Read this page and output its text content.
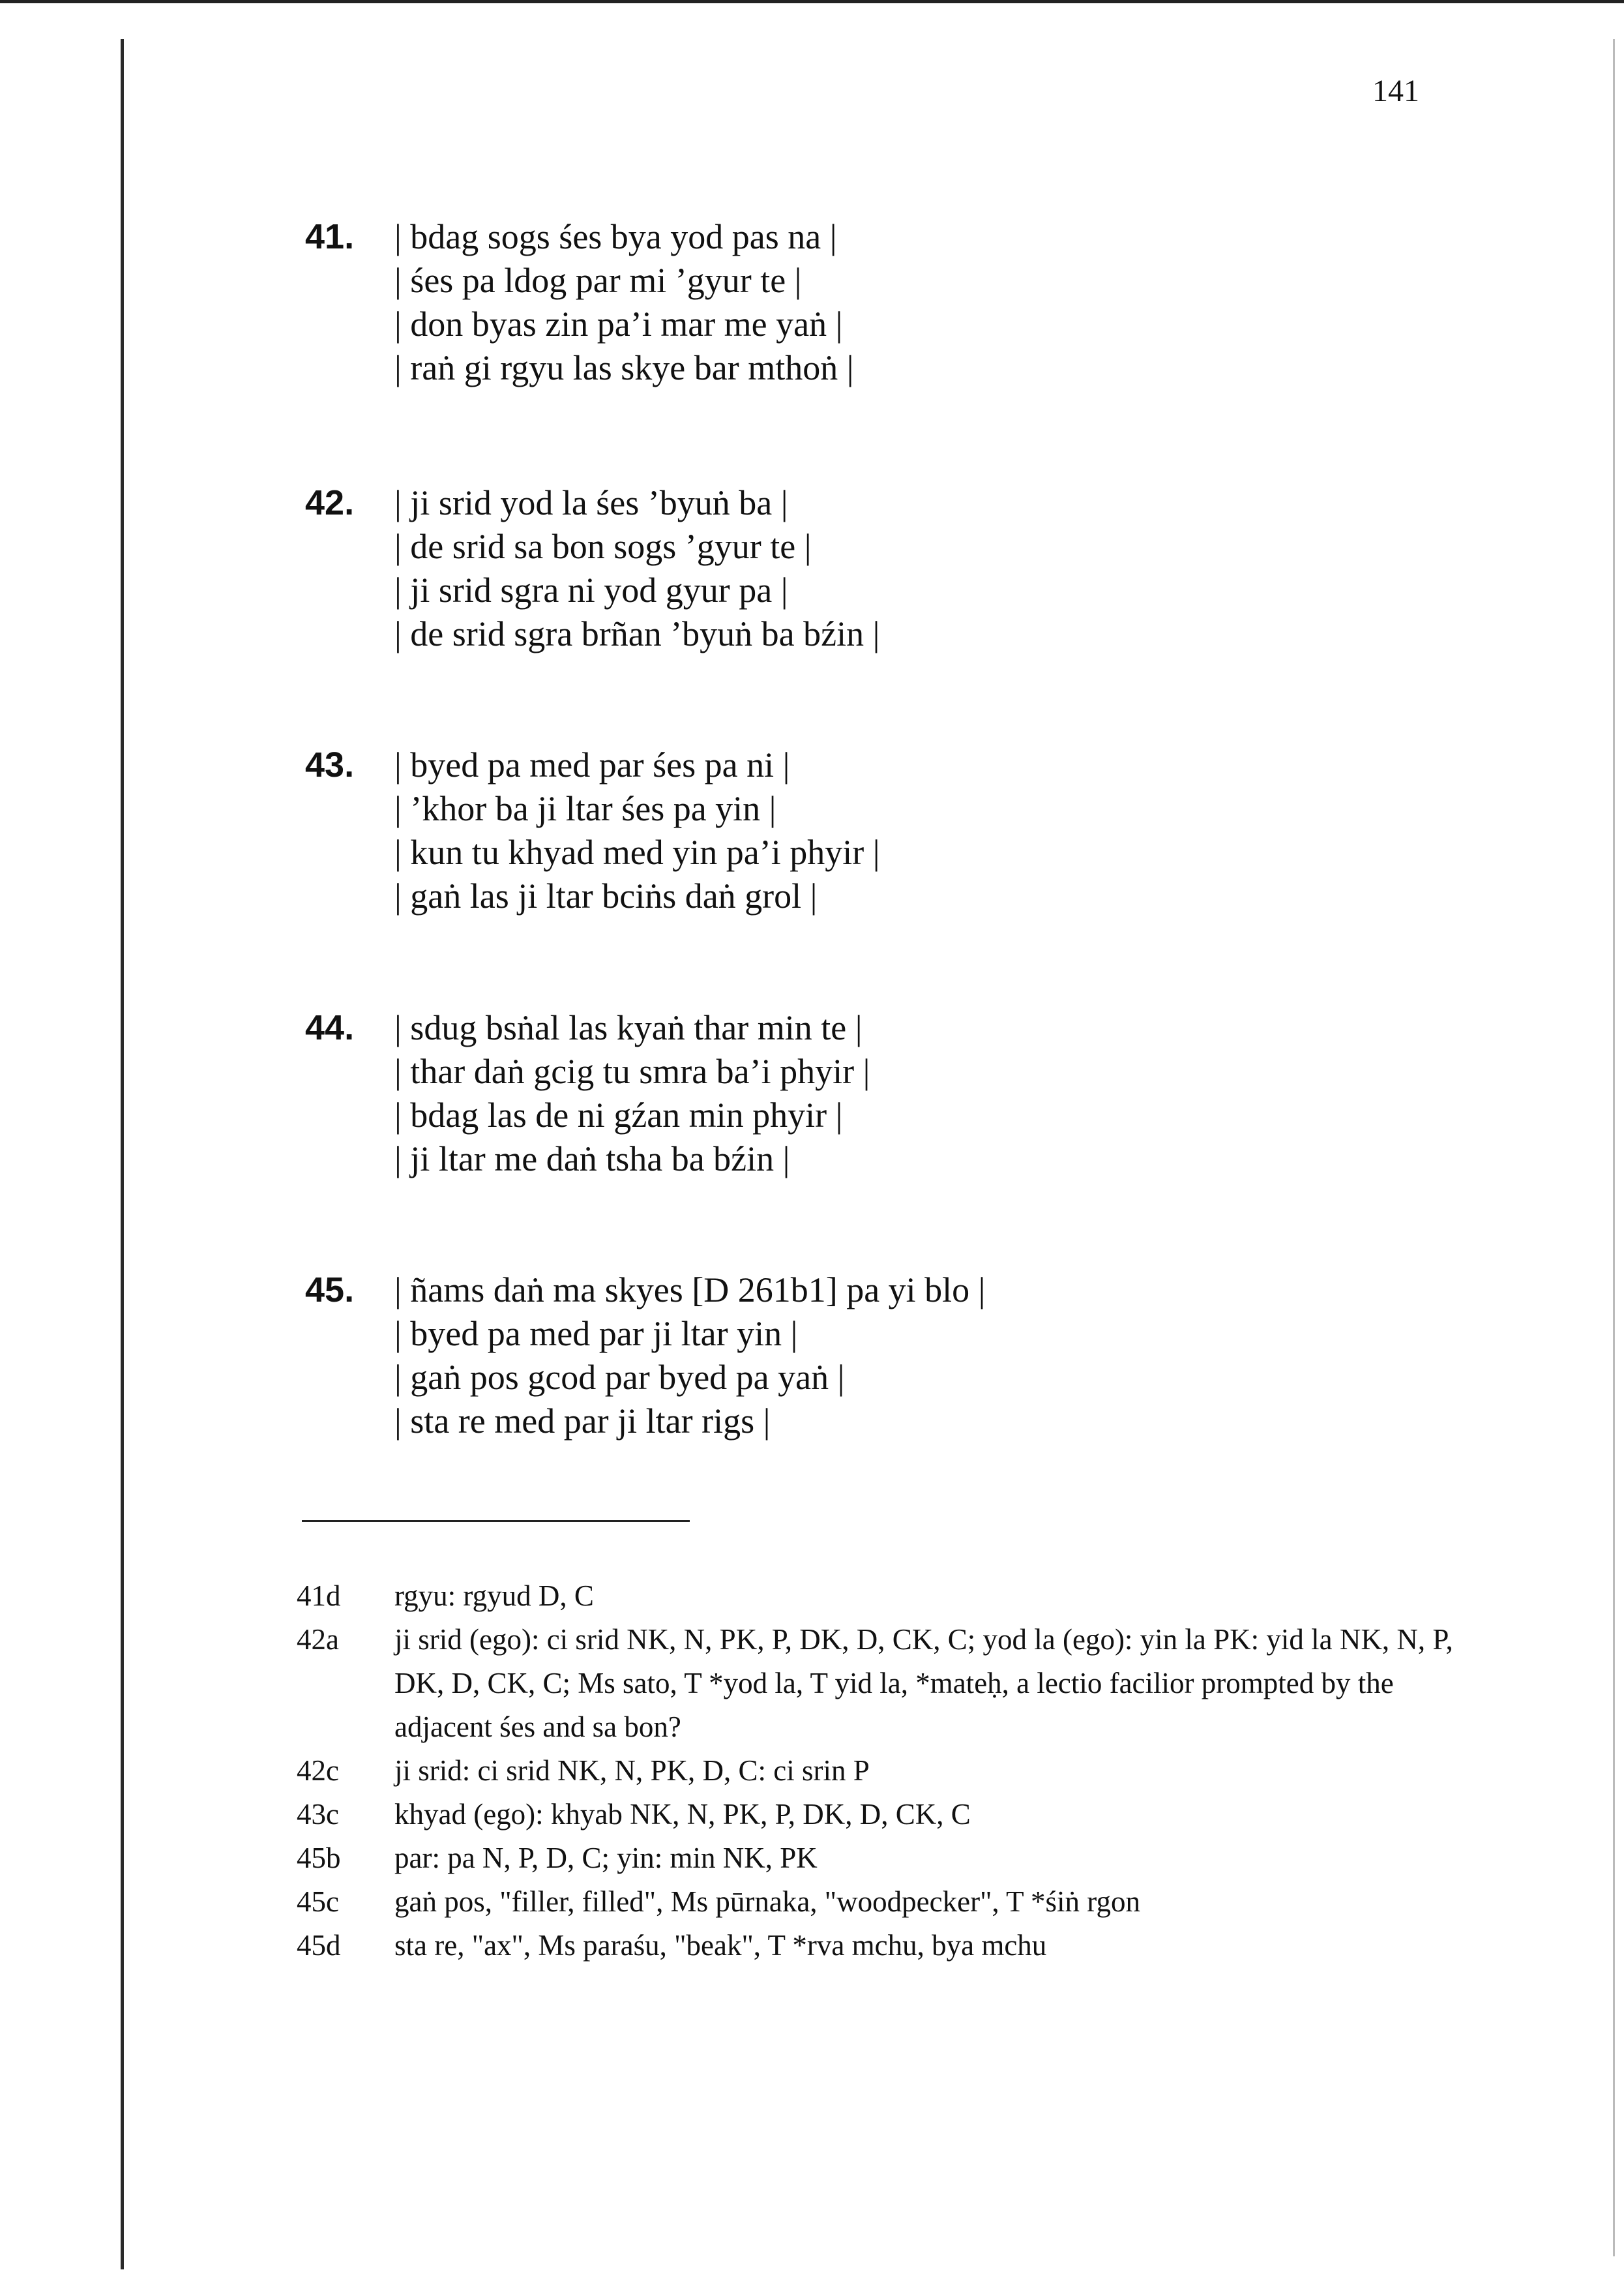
141
41. | bdag sogs śes bya yod pas na |
| śes pa ldog par mi ’gyur te |
| don byas zin pa’i mar me yaṅ |
| raṅ gi rgyu las skye bar mthoṅ |
42. | ji srid yod la śes ’byuṅ ba |
| de srid sa bon sogs ’gyur te |
| ji srid sgra ni yod gyur pa |
| de srid sgra brñan ’byuṅ ba bźin |
43. | byed pa med par śes pa ni |
| ’khor ba ji ltar śes pa yin |
| kun tu khyad med yin pa’i phyir |
| gaṅ las ji ltar bciṅs daṅ grol |
44. | sdug bsṅal las kyaṅ thar min te |
| thar daṅ gcig tu smra ba’i phyir |
| bdag las de ni gźan min phyir |
| ji ltar me daṅ tsha ba bźin |
45. | ñams daṅ ma skyes [D 261b1] pa yi blo |
| byed pa med par ji ltar yin |
| gaṅ pos gcod par byed pa yaṅ |
| sta re med par ji ltar rigs |
41d rgyu: rgyud D, C
42a ji srid (ego): ci srid NK, N, PK, P, DK, D, CK, C; yod la (ego): yin la PK: yid la NK, N, P, DK, D, CK, C; Ms sato, T *yod la, T yid la, *mateḥ, a lectio facilior prompted by the adjacent śes and sa bon?
42c ji srid: ci srid NK, N, PK, D, C: ci srin P
43c khyad (ego): khyab NK, N, PK, P, DK, D, CK, C
45b par: pa N, P, D, C; yin: min NK, PK
45c gaṅ pos, "filler, filled", Ms pūrnaka, "woodpecker", T *śiṅ rgon
45d sta re, "ax", Ms paraśu, "beak", T *rva mchu, bya mchu
